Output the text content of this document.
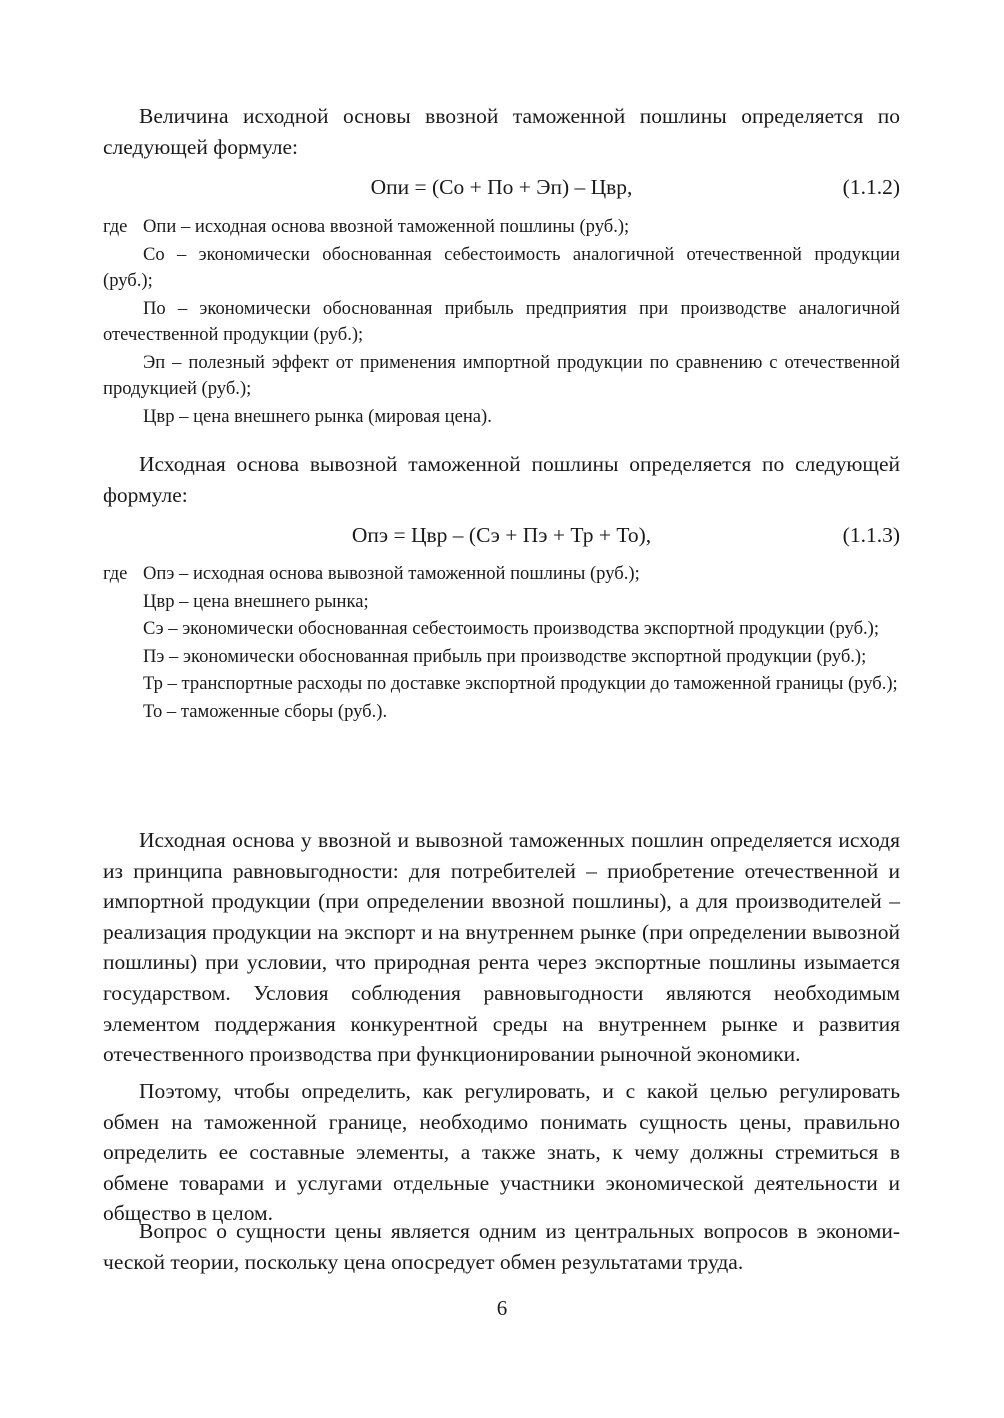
Величина исходной основы ввозной таможенной пошлины определяется по следующей формуле:

Опи = (Со + По + Эп) – Цвр,	(1.1.2)

где Опи – исходная основа ввозной таможенной пошлины (руб.);

Со – экономически обоснованная себестоимость аналогичной отечественной продукции (руб.);

По – экономически обоснованная прибыль предприятия при производстве аналогичной отечественной продукции (руб.);

Эп – полезный эффект от применения импортной продукции по сравнению с отечественной продукцией (руб.);

Цвр – цена внешнего рынка (мировая цена).

Исходная основа вывозной таможенной пошлины определяется по следующей формуле:

Опэ = Цвр – (Сэ + Пэ + Тр + То),	(1.1.3)

где Опэ – исходная основа вывозной таможенной пошлины (руб.);

Цвр – цена внешнего рынка;

Сэ – экономически обоснованная себестоимость производства экспортной продукции (руб.);

Пэ – экономически обоснованная прибыль при производстве экспортной продукции (руб.);

Тр – транспортные расходы по доставке экспортной продукции до таможенной границы (руб.);

То – таможенные сборы (руб.).

Исходная основа у ввозной и вывозной таможенных пошлин определяется исходя из принципа равновыгодности: для потребителей – приобретение отечественной и импортной продукции (при определении ввозной пошлины), а для производителей – реализация продукции на экспорт и на внутреннем рынке (при определении вывозной пошлины) при условии, что природная рента через экспортные пошлины изымается государством. Условия соблюдения равновыгодности являются необходимым элементом поддержания конкурентной среды на внутреннем рынке и развития отечественного производства при функционировании рыночной экономики.

Поэтому, чтобы определить, как регулировать, и с какой целью регулировать обмен на таможенной границе, необходимо понимать сущность цены, правильно определить ее составные элементы, а также знать, к чему должны стремиться в обмене товарами и услугами отдельные участники экономической деятельности и общество в целом.

Вопрос о сущности цены является одним из центральных вопросов в экономической теории, поскольку цена опосредует обмен результатами труда.

6
